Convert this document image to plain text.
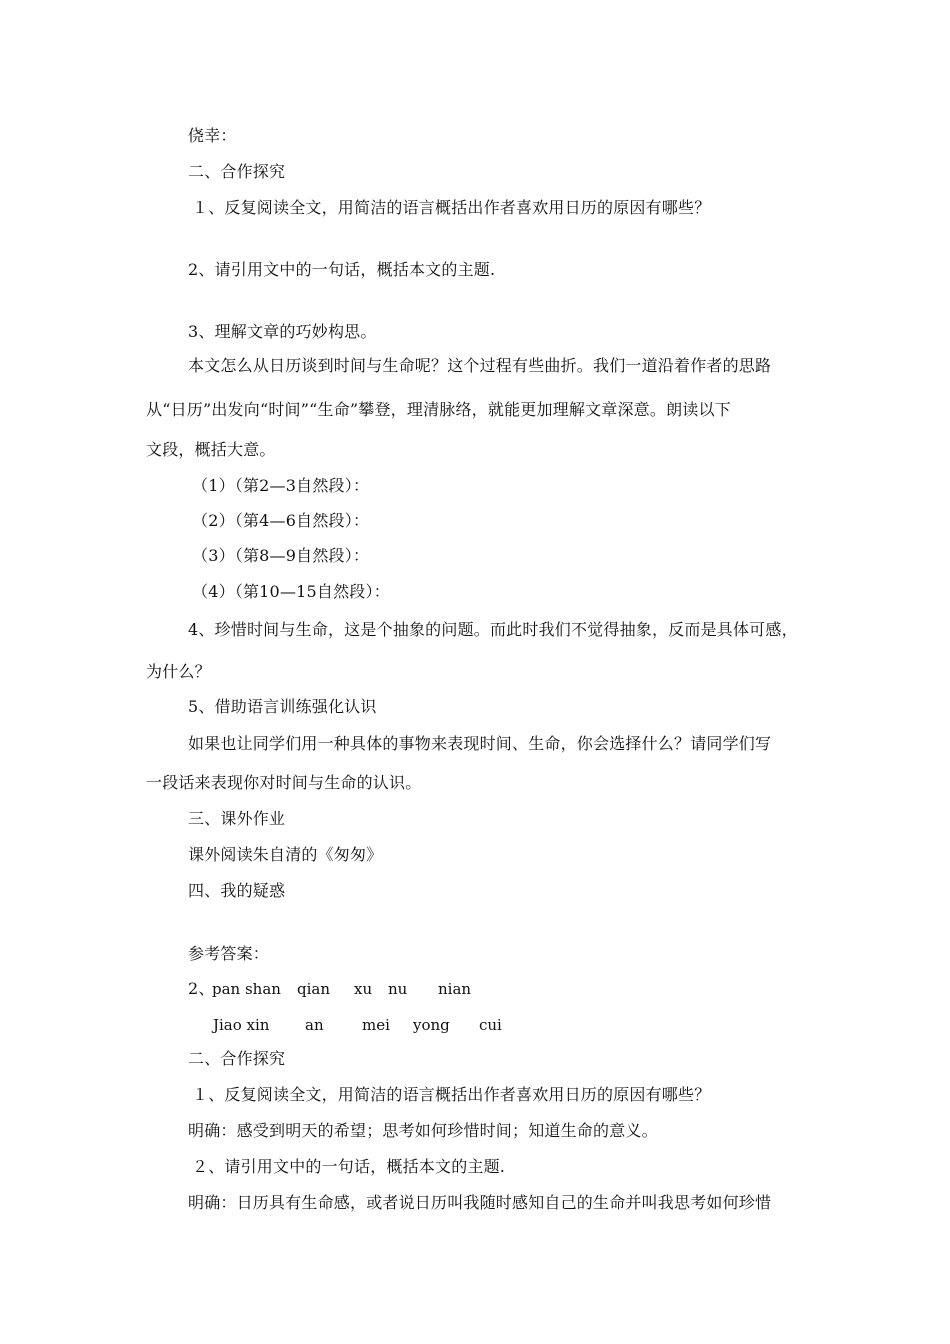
侥幸：
二、合作探究
１、反复阅读全文，用简洁的语言概括出作者喜欢用日历的原因有哪些？
2、请引用文中的一句话，概括本文的主题.
3、理解文章的巧妙构思。
本文怎么从日历谈到时间与生命呢？这个过程有些曲折。我们一道沿着作者的思路
从“日历”出发向“时间”“生命”攀登，理清脉络，就能更加理解文章深意。朗读以下
文段，概括大意。
（1）（第2—3自然段）：
（2）（第4—6自然段）：
（3）（第8—9自然段）：
（4）（第10—15自然段）：
4、珍惜时间与生命，这是个抽象的问题。而此时我们不觉得抽象，反而是具体可感，
为什么？
5、借助语言训练强化认识
如果也让同学们用一种具体的事物来表现时间、生命，你会选择什么？请同学们写
一段话来表现你对时间与生命的认识。
三、课外作业
课外阅读朱自清的《匆匆》
四、我的疑惑
参考答案：
2、
pan shan qian xu nu nian
Jiao xin an	mei yong cui
二、合作探究
１、反复阅读全文，用简洁的语言概括出作者喜欢用日历的原因有哪些？
明确：感受到明天的希望；思考如何珍惜时间；知道生命的意义。
２、请引用文中的一句话，概括本文的主题.
明确：日历具有生命感，或者说日历叫我随时感知自己的生命并叫我思考如何珍惜
